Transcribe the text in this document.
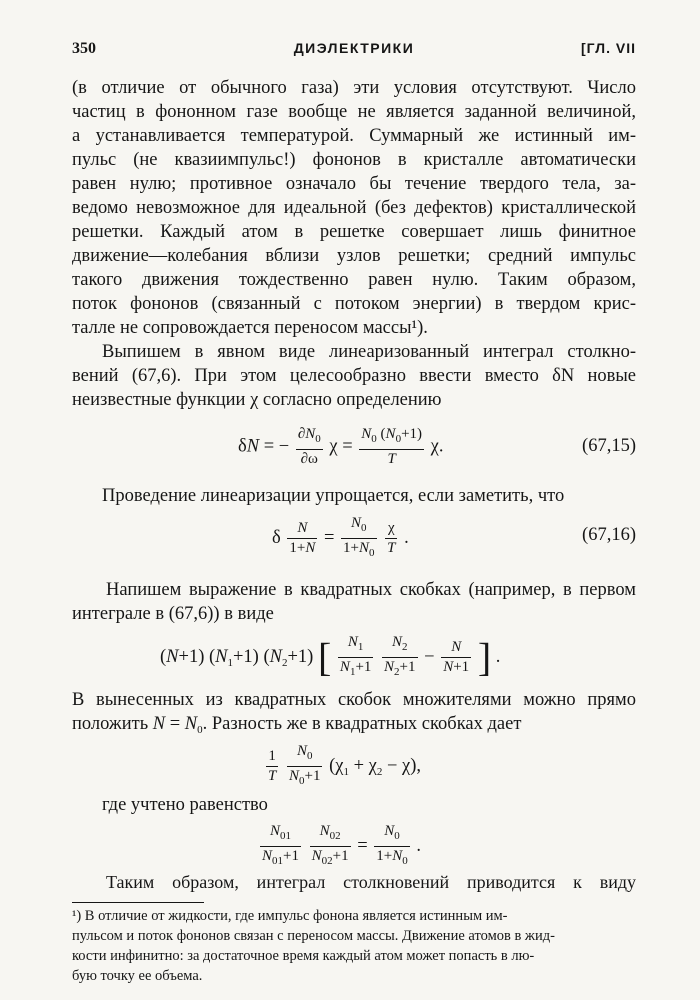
350	ДИЭЛЕКТРИКИ	[ГЛ. VII
(в отличие от обычного газа) эти условия отсутствуют. Число
частиц в фононном газе вообще не является заданной величиной,
а устанавливается температурой. Суммарный же истинный им-
пульс (не квазиимпульс!) фононов в кристалле автоматически
равен нулю; противное означало бы течение твердого тела, за-
ведомо невозможное для идеальной (без дефектов) кристаллической
решетки. Каждый атом в решетке совершает лишь финитное
движение—колебания вблизи узлов решетки; средний импульс
такого движения тождественно равен нулю. Таким образом,
поток фононов (связанный с потоком энергии) в твердом крис-
талле не сопровождается переносом массы¹).
Выпишем в явном виде линеаризованный интеграл столкно-
вений (67,6). При этом целесообразно ввести вместо δN новые
неизвестные функции χ согласно определению
δN = − $\frac{\partial N_0}{\partial\omega}$ $\chi = \frac{N_0 (N_0+1)}{T} \chi$.	(67,15)
Проведение линеаризации упрощается, если заметить, что
δ $\frac{N}{1+N} = \frac{N_0}{1+N_0}$
$\frac{\chi}{T}$ .	(67,16)
Напишем выражение в квадратных скобках (например, в первом
интеграле в (67,6)) в виде
(N+1) $(N_1+1)$ $(N_2+1)$ [ $\frac{N_1}{N_1+1}$
$\frac{N_2}{N_2+1} - \frac{N}{N+1}$ ] .
В вынесенных из квадратных скобок множителями можно прямо
положить $N = N_0$. Разность же в квадратных скобках дает
$\frac{1}{T}$
$\frac{N_0}{N_0+1} (\chi_1 + \chi_2 - \chi)$,
где учтено равенство
$\frac{N_{01}}{N_{01}+1}$
$\frac{N_{02}}{N_{02}+1} = \frac{N_0}{1+N_0}$ .
Таким образом, интеграл столкновений приводится к виду
¹) В отличие от жидкости, где импульс фонона является истинным им-
пульсом и поток фононов связан с переносом массы. Движение атомов в жид-
кости инфинитно: за достаточное время каждый атом может попасть в лю-
бую точку ее объема.
